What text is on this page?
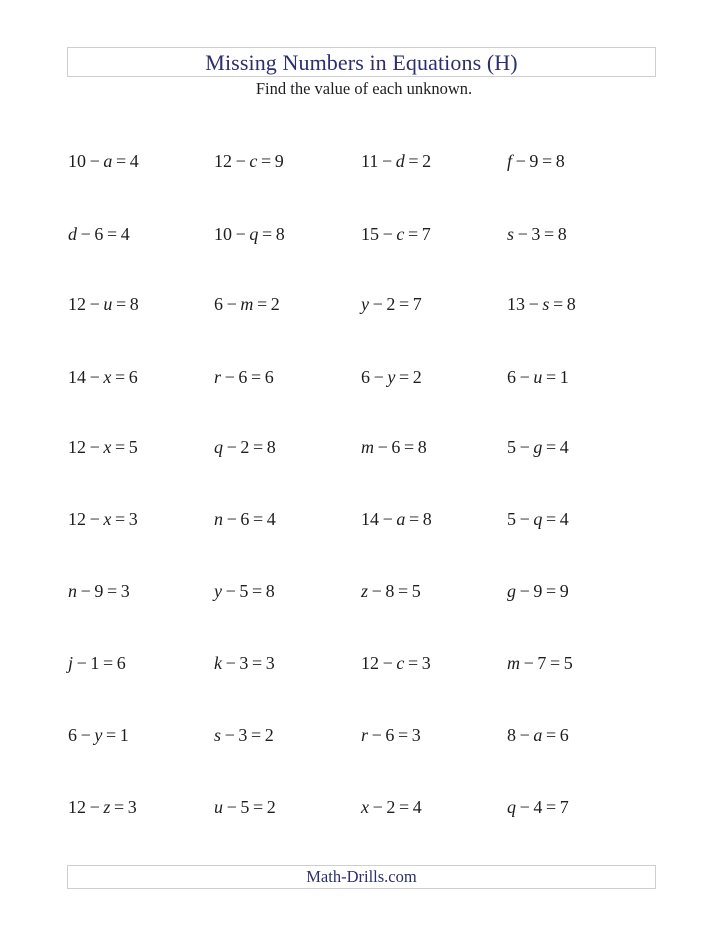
Missing Numbers in Equations (H)
Find the value of each unknown.
10  −  a = 4	12  −  c = 9	11  −  d = 2	f  −  9 = 8
d  −  6 = 4	10  −  q = 8	15  −  c = 7	s  −  3 = 8
12  −  u = 8	6  −  m = 2	y  −  2 = 7	13  −  s = 8
14  −  x = 6	r  −  6 = 6	6  −  y = 2	6  −  u = 1
12  −  x = 5	q  −  2 = 8	m  −  6 = 8	5  −  g = 4
12  −  x = 3	n  −  6 = 4	14  −  a = 8	5  −  q = 4
n  −  9 = 3	y  −  5 = 8	z  −  8 = 5	g  −  9 = 9
j  −  1 = 6	k  −  3 = 3	12  −  c = 3	m  −  7 = 5
6  −  y = 1	s  −  3 = 2	r  −  6 = 3	8  −  a = 6
12  −  z = 3	u  −  5 = 2	x  −  2 = 4	q  −  4 = 7
Math-Drills.com
